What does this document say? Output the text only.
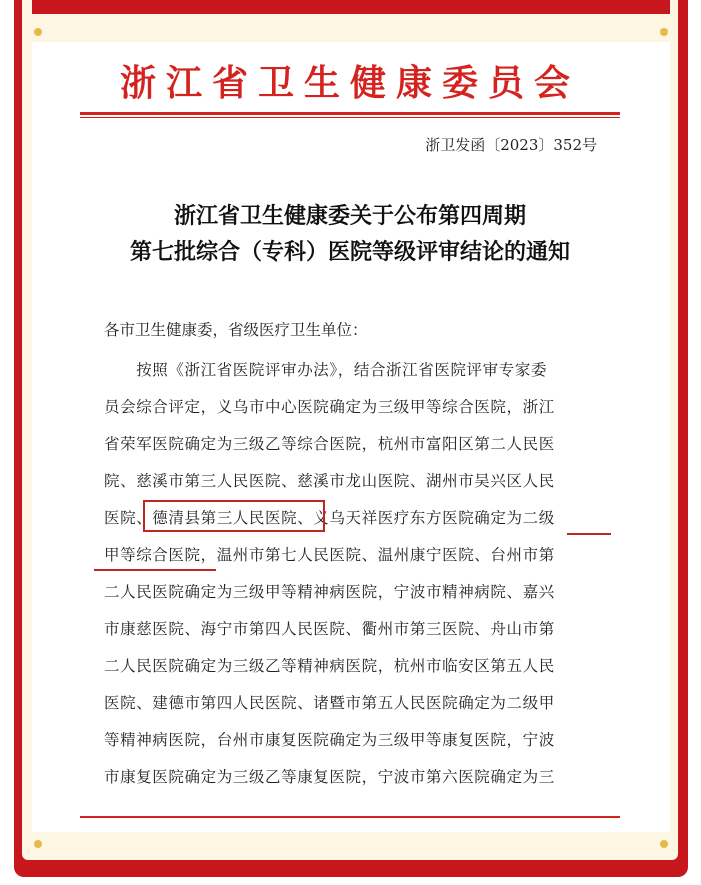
浙江省卫生健康委员会
浙卫发函〔2023〕352号
浙江省卫生健康委关于公布第四周期
第七批综合（专科）医院等级评审结论的通知
各市卫生健康委，省级医疗卫生单位：
　　按照《浙江省医院评审办法》，结合浙江省医院评审专家委
员会综合评定，义乌市中心医院确定为三级甲等综合医院，浙江
省荣军医院确定为三级乙等综合医院，杭州市富阳区第二人民医
院、慈溪市第三人民医院、慈溪市龙山医院、湖州市吴兴区人民
医院、德清县第三人民医院、义乌天祥医疗东方医院确定为二级
甲等综合医院，温州市第七人民医院、温州康宁医院、台州市第
二人民医院确定为三级甲等精神病医院，宁波市精神病院、嘉兴
市康慈医院、海宁市第四人民医院、衢州市第三医院、舟山市第
二人民医院确定为三级乙等精神病医院，杭州市临安区第五人民
医院、建德市第四人民医院、诸暨市第五人民医院确定为二级甲
等精神病医院，台州市康复医院确定为三级甲等康复医院，宁波
市康复医院确定为三级乙等康复医院，宁波市第六医院确定为三
